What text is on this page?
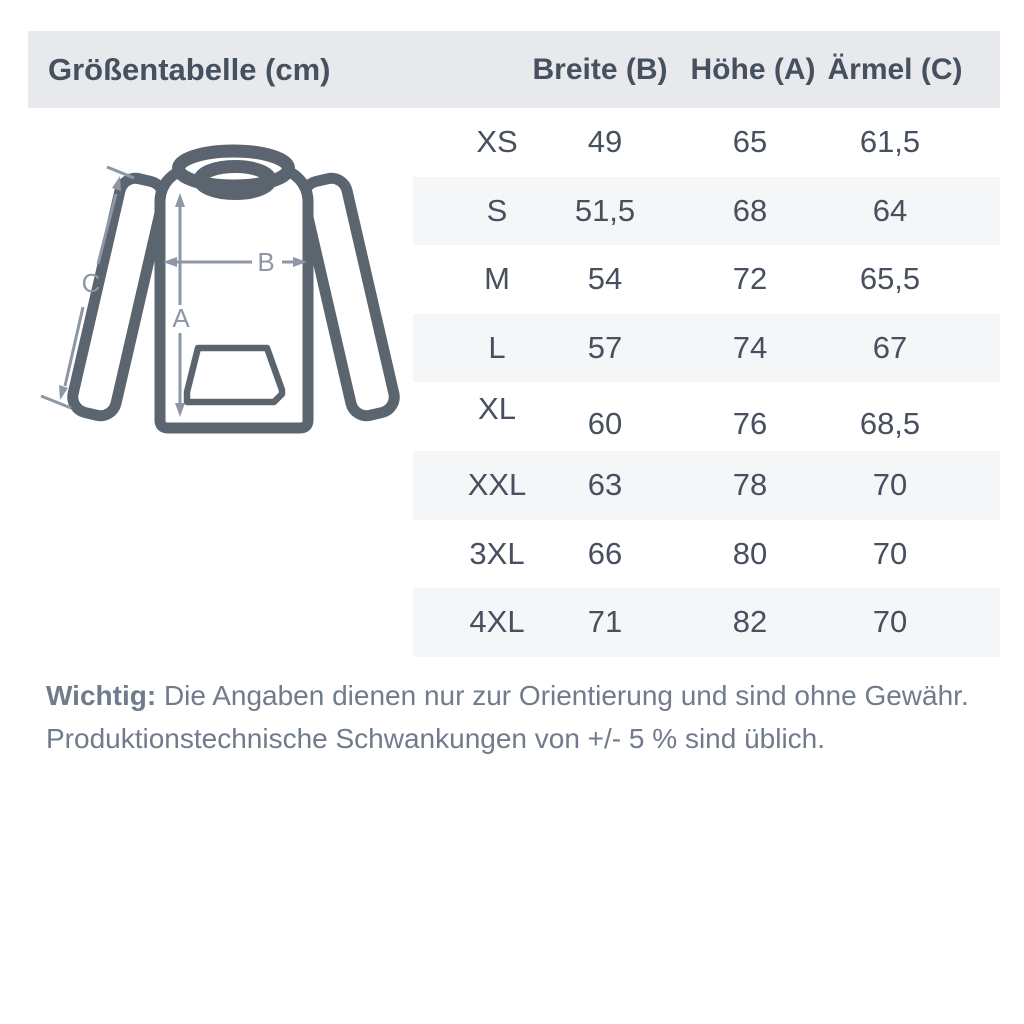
Größentabelle (cm)	Breite (B) Höhe (A) Ärmel (C)
XS	49	65	61,5
S	51,5	68	64
M	54	72	65,5
L	57	74	67
XL	60	76	68,5
XXL	63	78	70
3XL	66	80	70
4XL	71	82	70
A
B
C
Wichtig: Die Angaben dienen nur zur Orientierung und sind ohne Gewähr.
Produktionstechnische Schwankungen von +/- 5 % sind üblich.
